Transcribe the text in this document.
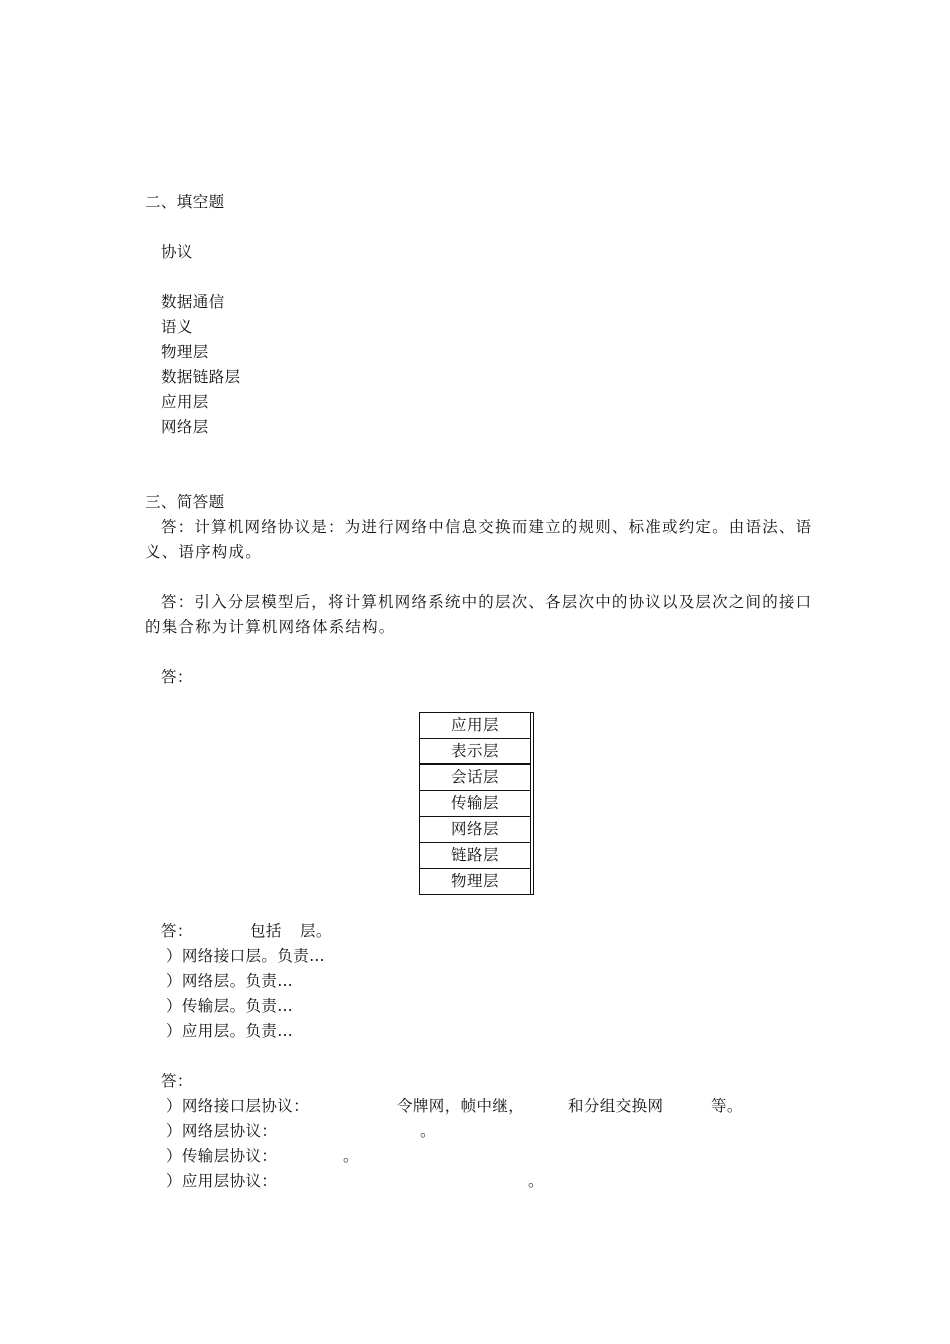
二、填空题
协议
数据通信
语义
物理层
数据链路层
应用层
网络层
三、简答题
答：计算机网络协议是：为进行网络中信息交换而建立的规则、标准或约定。由语法、语义、语序构成。
答：引入分层模型后，将计算机网络系统中的层次、各层次中的协议以及层次之间的接口的集合称为计算机网络体系结构。
答：
应用层
表示层
会话层
传输层
网络层
链路层
物理层
答：	包括 层。
）网络接口层。负责…
）网络层。负责…
）传输层。负责…
）应用层。负责…
答：
）网络接口层协议：	令牌网，帧中继，	和分组交换网	等。
）网络层协议：	。
）传输层协议：	。
）应用层协议：	。
